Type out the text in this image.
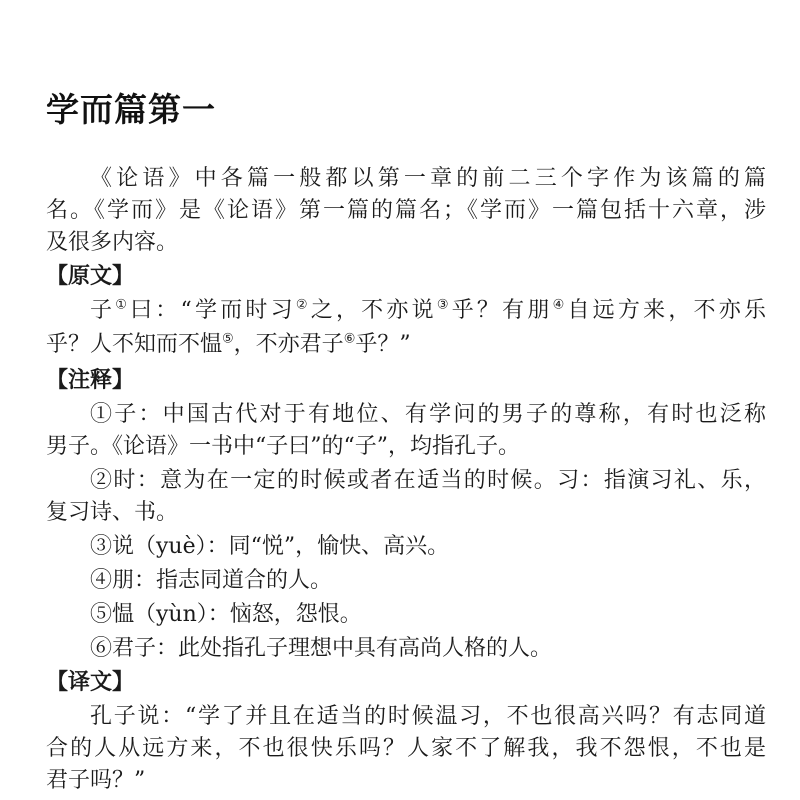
学而篇第一

《论语》中各篇一般都以第一章的前二三个字作为该篇的篇

名。《学而》是《论语》第一篇的篇名；《学而》一篇包括十六章，涉

及很多内容。

【原文】

子①曰：“学而时习②之，不亦说③乎？有朋④自远方来，不亦乐

乎？人不知而不愠⑤，不亦君子⑥乎？”

【注释】

①子：中国古代对于有地位、有学问的男子的尊称，有时也泛称

男子。《论语》一书中“子曰”的“子”，均指孔子。

②时：意为在一定的时候或者在适当的时候。习：指演习礼、乐，

复习诗、书。

③说（yuè）：同“悦”，愉快、高兴。

④朋：指志同道合的人。

⑤愠（yùn）：恼怒，怨恨。

⑥君子：此处指孔子理想中具有高尚人格的人。

【译文】

孔子说：“学了并且在适当的时候温习，不也很高兴吗？有志同道

合的人从远方来，不也很快乐吗？人家不了解我，我不怨恨，不也是

君子吗？”
